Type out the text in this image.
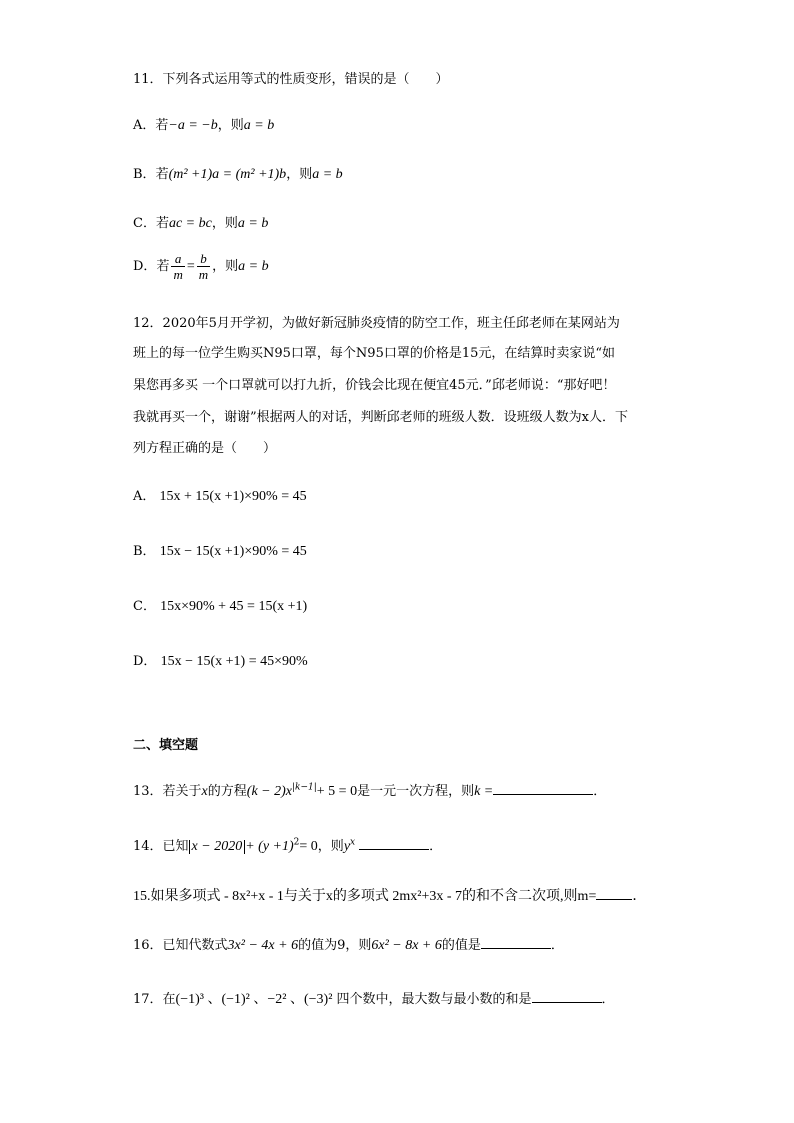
11．下列各式运用等式的性质变形，错误的是（　　）
A．若−a = −b，则a = b
B．若(m² +1)a = (m² +1)b，则a = b
C．若ac = bc，则a = b
D．若 $\frac{a}{m} = \frac{b}{m}$ ，则a = b
12．2020年5月开学初，为做好新冠肺炎疫情的防空工作，班主任邱老师在某网站为
班上的每一位学生购买N95口罩，每个N95口罩的价格是15元，在结算时卖家说“如
果您再多买 一个口罩就可以打九折，价钱会比现在便宜45元．”邱老师说：“那好吧！
我就再买一个，谢谢”根据两人的对话，判断邱老师的班级人数．设班级人数为x人．下
列方程正确的是（　　）
A． 15x + 15(x +1)×90% = 45
B． 15x − 15(x +1)×90% = 45
C． 15x×90% + 45 = 15(x +1)
D． 15x − 15(x +1) = 45×90%
二、填空题
13．若关于x的方程$(k - 2)x^{|k-1|}+ 5 = 0$是一元一次方程，则k =	．
14．已知 $x - 2020 + (y +1)^2= 0$，则$y^x$	．
15.如果多项式 - 8x²+x - 1与关于x的多项式 2mx²+3x - 7的和不含二次项,则m=	．
16．已知代数式3x² − 4x + 6的值为9，则6x² − 8x + 6的值是	．
17．在(−1)³ 、(−1)² 、−2² 、(−3)² 四个数中，最大数与最小数的和是	．
